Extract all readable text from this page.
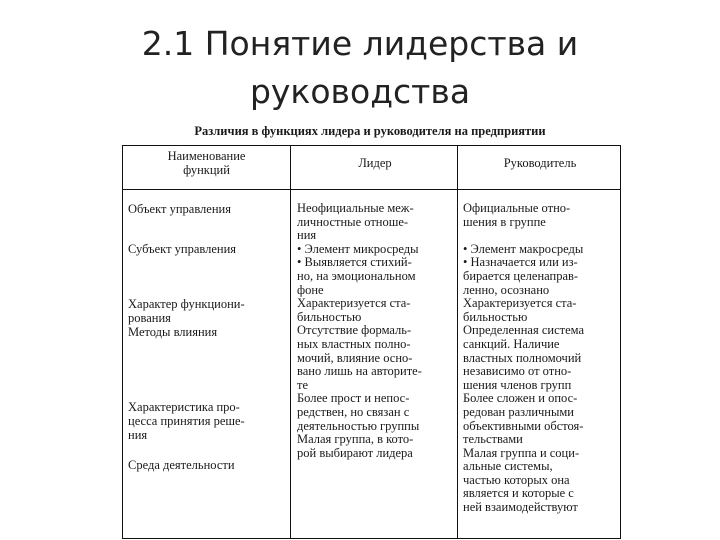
2.1 Понятие лидерства и
руководства
Различия в функциях лидера и руководителя на предприятии
Наименование
функций	Лидер	Руководитель
Объект управления
Субъект управления
Характер функциони-
рования
Методы влияния
Характеристика про-
цесса принятия реше-
ния
Среда деятельности
Неофициальные меж-
личностные отноше-
ния
• Элемент микросреды
• Выявляется стихий-
но, на эмоциональном
фоне
Характеризуется ста-
бильностью
Отсутствие формаль-
ных властных полно-
мочий, влияние осно-
вано лишь на авторите-
те
Более прост и непос-
редствен, но связан с
деятельностью группы
Малая группа, в кото-
рой выбирают лидера
Официальные отно-
шения в группе
• Элемент макросреды
• Назначается или из-
бирается целенаправ-
ленно, осознано
Характеризуется ста-
бильностью
Определенная система
санкций. Наличие
властных полномочий
независимо от отно-
шения членов групп
Более сложен и опос-
редован различными
объективными обстоя-
тельствами
Малая группа и соци-
альные системы,
частью которых она
является и которые с
ней взаимодействуют
